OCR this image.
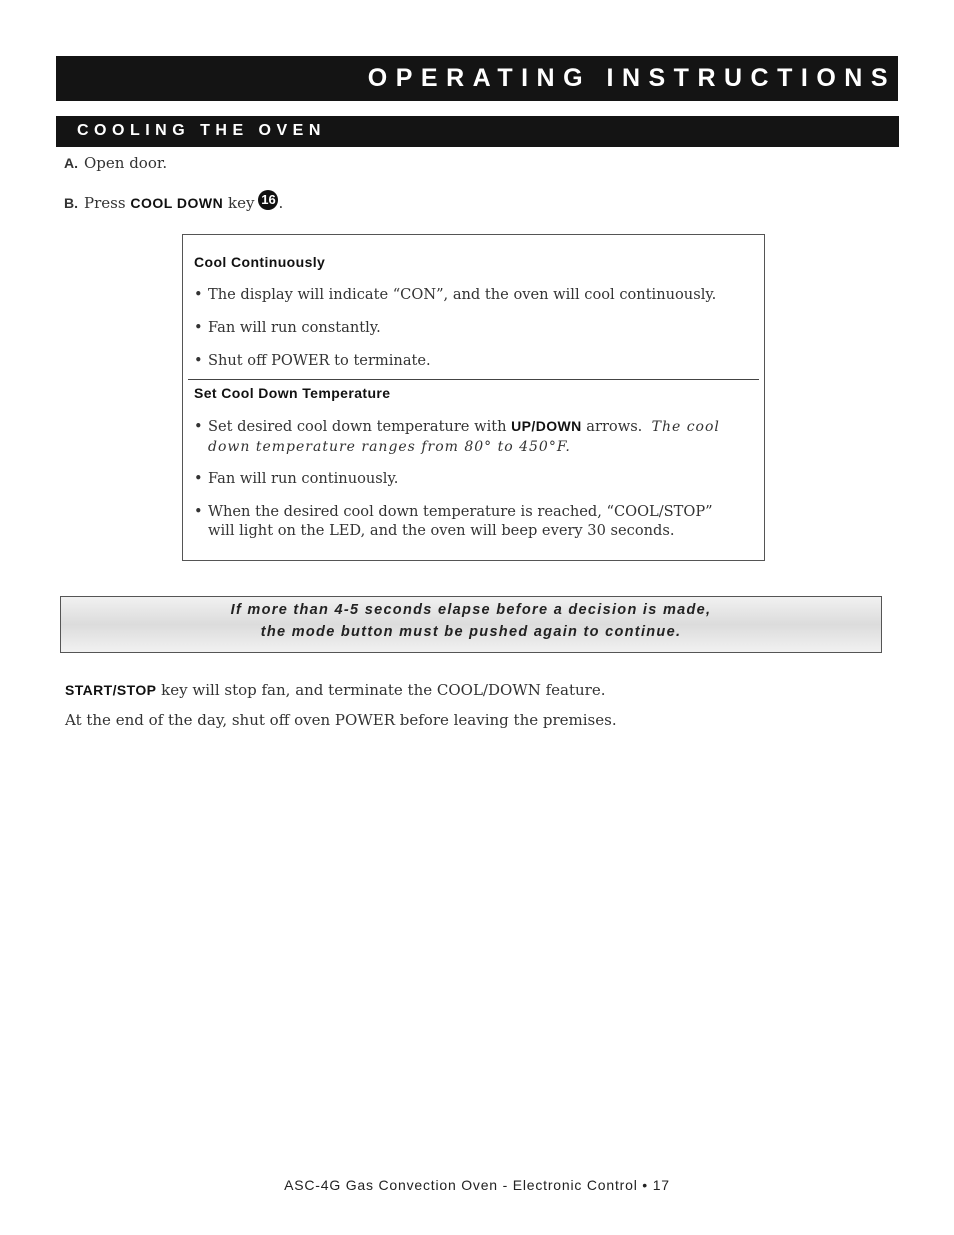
OPERATING INSTRUCTIONS
COOLING THE OVEN
A. Open door.
B. Press COOL DOWN key 16 .
Cool Continuously
• The display will indicate “CON”, and the oven will cool continuously.
• Fan will run constantly.
• Shut off POWER to terminate.
Set Cool Down Temperature
• Set desired cool down temperature with UP/DOWN arrows. The cool
down temperature ranges from 80° to 450°F.
• Fan will run continuously.
• When the desired cool down temperature is reached, “COOL/STOP”
will light on the LED, and the oven will beep every 30 seconds.
If more than 4-5 seconds elapse before a decision is made,
the mode button must be pushed again to continue.
START/STOP key will stop fan, and terminate the COOL/DOWN feature.
At the end of the day, shut off oven POWER before leaving the premises.
ASC-4G Gas Convection Oven - Electronic Control • 17
